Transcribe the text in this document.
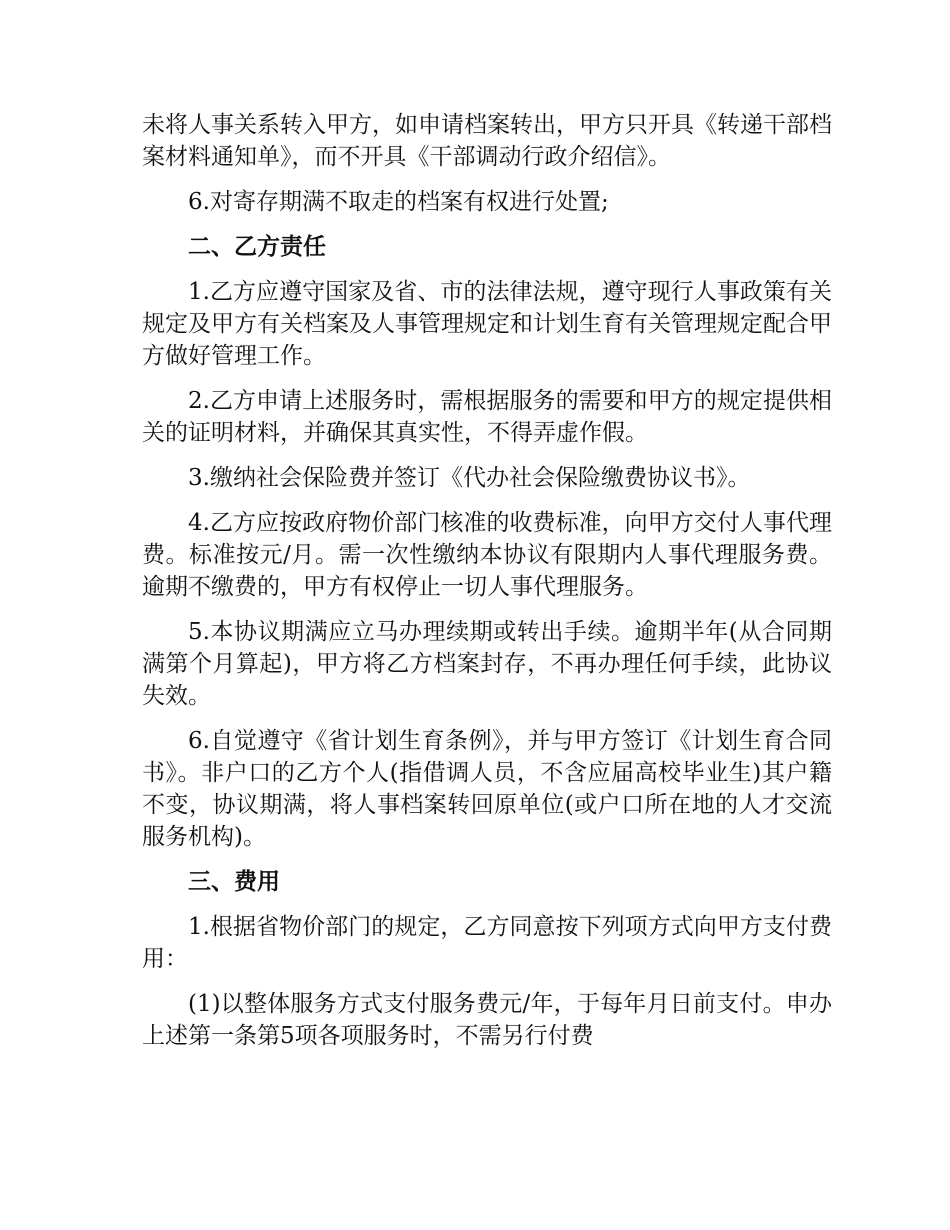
未将人事关系转入甲方，如申请档案转出，甲方只开具《转递干部档案材料通知单》，而不开具《干部调动行政介绍信》。

6.对寄存期满不取走的档案有权进行处置;

二、乙方责任

1.乙方应遵守国家及省、市的法律法规，遵守现行人事政策有关规定及甲方有关档案及人事管理规定和计划生育有关管理规定配合甲方做好管理工作。

2.乙方申请上述服务时，需根据服务的需要和甲方的规定提供相关的证明材料，并确保其真实性，不得弄虚作假。

3.缴纳社会保险费并签订《代办社会保险缴费协议书》。

4.乙方应按政府物价部门核准的收费标准，向甲方交付人事代理费。标准按元/月。需一次性缴纳本协议有限期内人事代理服务费。逾期不缴费的，甲方有权停止一切人事代理服务。

5.本协议期满应立马办理续期或转出手续。逾期半年(从合同期满第个月算起)，甲方将乙方档案封存，不再办理任何手续，此协议失效。

6.自觉遵守《省计划生育条例》，并与甲方签订《计划生育合同书》。非户口的乙方个人(指借调人员，不含应届高校毕业生)其户籍不变，协议期满，将人事档案转回原单位(或户口所在地的人才交流服务机构)。

三、费用

1.根据省物价部门的规定，乙方同意按下列项方式向甲方支付费用：

(1)以整体服务方式支付服务费元/年，于每年月日前支付。申办上述第一条第5项各项服务时，不需另行付费
